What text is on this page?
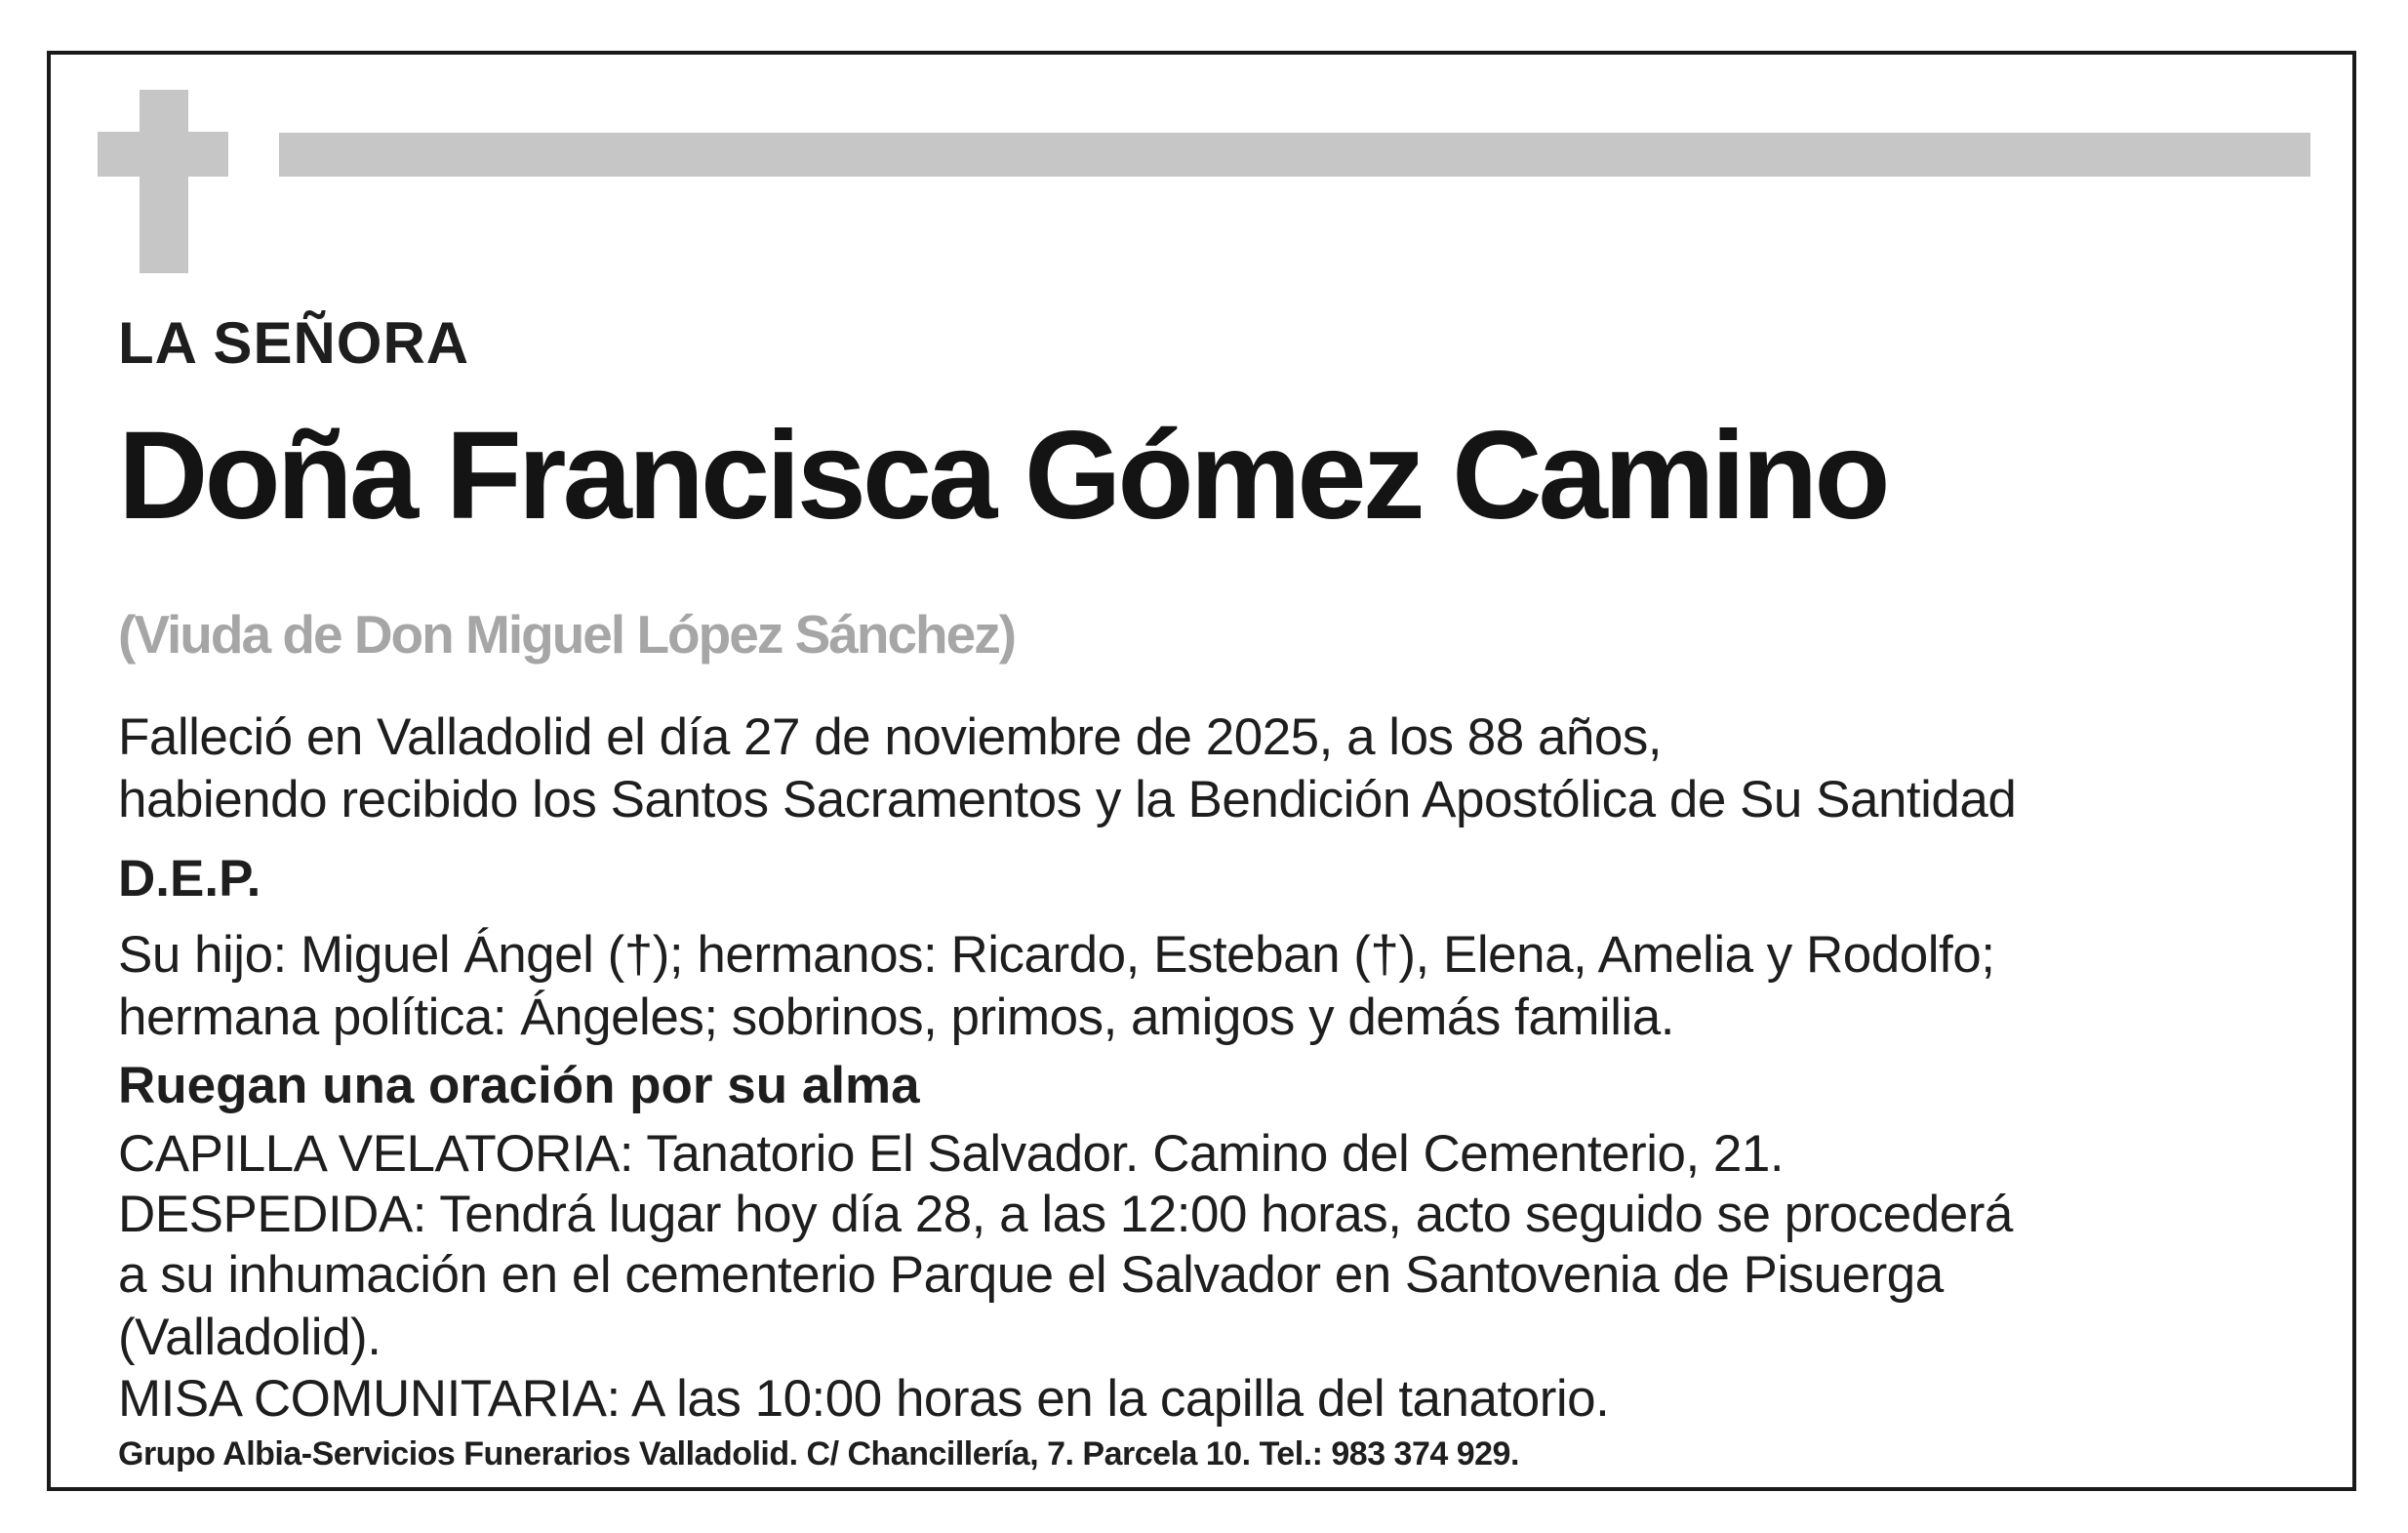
LA SEÑORA

Doña Francisca Gómez Camino

(Viuda de Don Miguel López Sánchez)

Falleció en Valladolid el día 27 de noviembre de 2025, a los 88 años,

habiendo recibido los Santos Sacramentos y la Bendición Apostólica de Su Santidad

D.E.P.

Su hijo: Miguel Ángel (†); hermanos: Ricardo, Esteban (†), Elena, Amelia y Rodolfo;

hermana política: Ángeles; sobrinos, primos, amigos y demás familia.

Ruegan una oración por su alma

CAPILLA VELATORIA: Tanatorio El Salvador. Camino del Cementerio, 21.

DESPEDIDA: Tendrá lugar hoy día 28, a las 12:00 horas, acto seguido se procederá

a su inhumación en el cementerio Parque el Salvador en Santovenia de Pisuerga

(Valladolid).

MISA COMUNITARIA: A las 10:00 horas en la capilla del tanatorio.

Grupo Albia-Servicios Funerarios Valladolid. C/ Chancillería, 7. Parcela 10. Tel.: 983 374 929.
